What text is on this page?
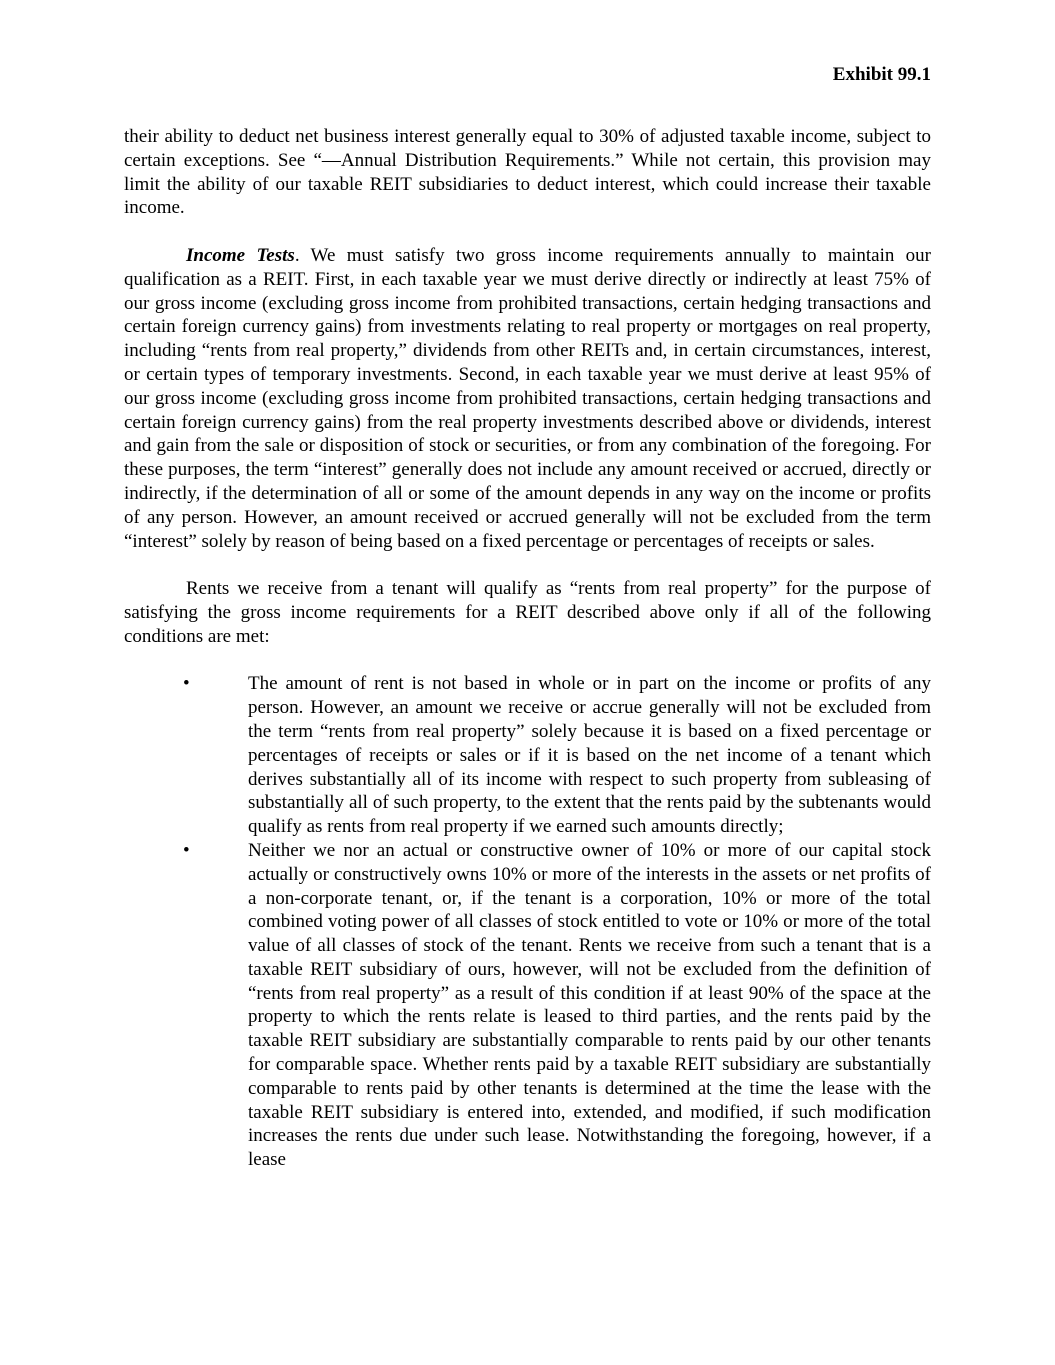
Exhibit 99.1

their ability to deduct net business interest generally equal to 30% of adjusted taxable income, subject to certain exceptions. See “—Annual Distribution Requirements.” While not certain, this provision may limit the ability of our taxable REIT subsidiaries to deduct interest, which could increase their taxable income.

Income Tests. We must satisfy two gross income requirements annually to maintain our qualification as a REIT. First, in each taxable year we must derive directly or indirectly at least 75% of our gross income (excluding gross income from prohibited transactions, certain hedging transactions and certain foreign currency gains) from investments relating to real property or mortgages on real property, including “rents from real property,” dividends from other REITs and, in certain circumstances, interest, or certain types of temporary investments. Second, in each taxable year we must derive at least 95% of our gross income (excluding gross income from prohibited transactions, certain hedging transactions and certain foreign currency gains) from the real property investments described above or dividends, interest and gain from the sale or disposition of stock or securities, or from any combination of the foregoing. For these purposes, the term “interest” generally does not include any amount received or accrued, directly or indirectly, if the determination of all or some of the amount depends in any way on the income or profits of any person. However, an amount received or accrued generally will not be excluded from the term “interest” solely by reason of being based on a fixed percentage or percentages of receipts or sales.

Rents we receive from a tenant will qualify as “rents from real property” for the purpose of satisfying the gross income requirements for a REIT described above only if all of the following conditions are met:

•	The amount of rent is not based in whole or in part on the income or profits of any person. However, an amount we receive or accrue generally will not be excluded from the term “rents from real property” solely because it is based on a fixed percentage or percentages of receipts or sales or if it is based on the net income of a tenant which derives substantially all of its income with respect to such property from subleasing of substantially all of such property, to the extent that the rents paid by the subtenants would qualify as rents from real property if we earned such amounts directly;
•	Neither we nor an actual or constructive owner of 10% or more of our capital stock actually or constructively owns 10% or more of the interests in the assets or net profits of a non-corporate tenant, or, if the tenant is a corporation, 10% or more of the total combined voting power of all classes of stock entitled to vote or 10% or more of the total value of all classes of stock of the tenant. Rents we receive from such a tenant that is a taxable REIT subsidiary of ours, however, will not be excluded from the definition of “rents from real property” as a result of this condition if at least 90% of the space at the property to which the rents relate is leased to third parties, and the rents paid by the taxable REIT subsidiary are substantially comparable to rents paid by our other tenants for comparable space. Whether rents paid by a taxable REIT subsidiary are substantially comparable to rents paid by other tenants is determined at the time the lease with the taxable REIT subsidiary is entered into, extended, and modified, if such modification increases the rents due under such lease. Notwithstanding the foregoing, however, if a lease
